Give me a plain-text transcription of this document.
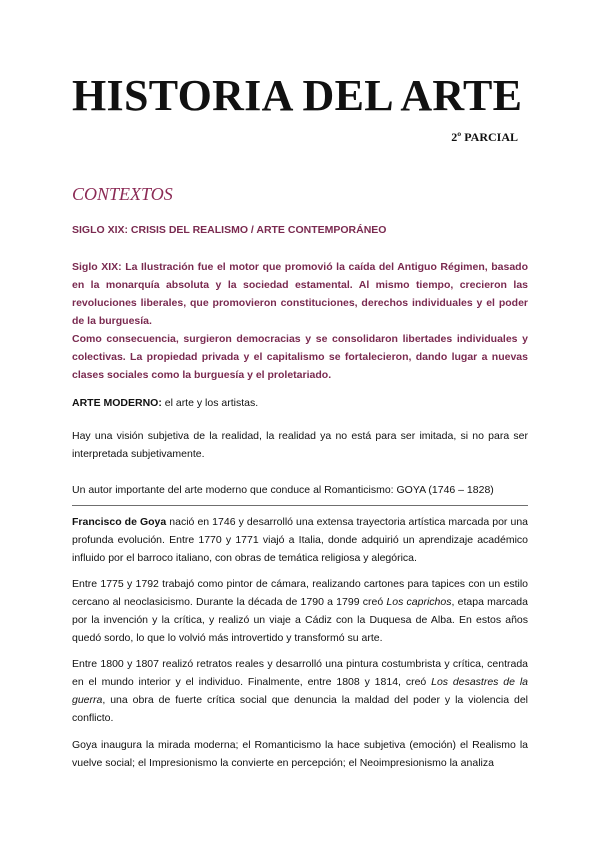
HISTORIA DEL ARTE
2º PARCIAL
CONTEXTOS
SIGLO XIX: CRISIS DEL REALISMO / ARTE CONTEMPORÁNEO

Siglo XIX: La Ilustración fue el motor que promovió la caída del Antiguo Régimen, basado en la monarquía absoluta y la sociedad estamental. Al mismo tiempo, crecieron las revoluciones liberales, que promovieron constituciones, derechos individuales y el poder de la burguesía.

Como consecuencia, surgieron democracias y se consolidaron libertades individuales y colectivas. La propiedad privada y el capitalismo se fortalecieron, dando lugar a nuevas clases sociales como la burguesía y el proletariado.

ARTE MODERNO: el arte y los artistas.

Hay una visión subjetiva de la realidad, la realidad ya no está para ser imitada, si no para ser interpretada subjetivamente.

Un autor importante del arte moderno que conduce al Romanticismo: GOYA (1746 – 1828)

Francisco de Goya nació en 1746 y desarrolló una extensa trayectoria artística marcada por una profunda evolución. Entre 1770 y 1771 viajó a Italia, donde adquirió un aprendizaje académico influido por el barroco italiano, con obras de temática religiosa y alegórica.

Entre 1775 y 1792 trabajó como pintor de cámara, realizando cartones para tapices con un estilo cercano al neoclasicismo. Durante la década de 1790 a 1799 creó Los caprichos, etapa marcada por la invención y la crítica, y realizó un viaje a Cádiz con la Duquesa de Alba. En estos años quedó sordo, lo que lo volvió más introvertido y transformó su arte.

Entre 1800 y 1807 realizó retratos reales y desarrolló una pintura costumbrista y crítica, centrada en el mundo interior y el individuo. Finalmente, entre 1808 y 1814, creó Los desastres de la guerra, una obra de fuerte crítica social que denuncia la maldad del poder y la violencia del conflicto.

Goya inaugura la mirada moderna; el Romanticismo la hace subjetiva (emoción) el Realismo la vuelve social; el Impresionismo la convierte en percepción; el Neoimpresionismo la analiza
